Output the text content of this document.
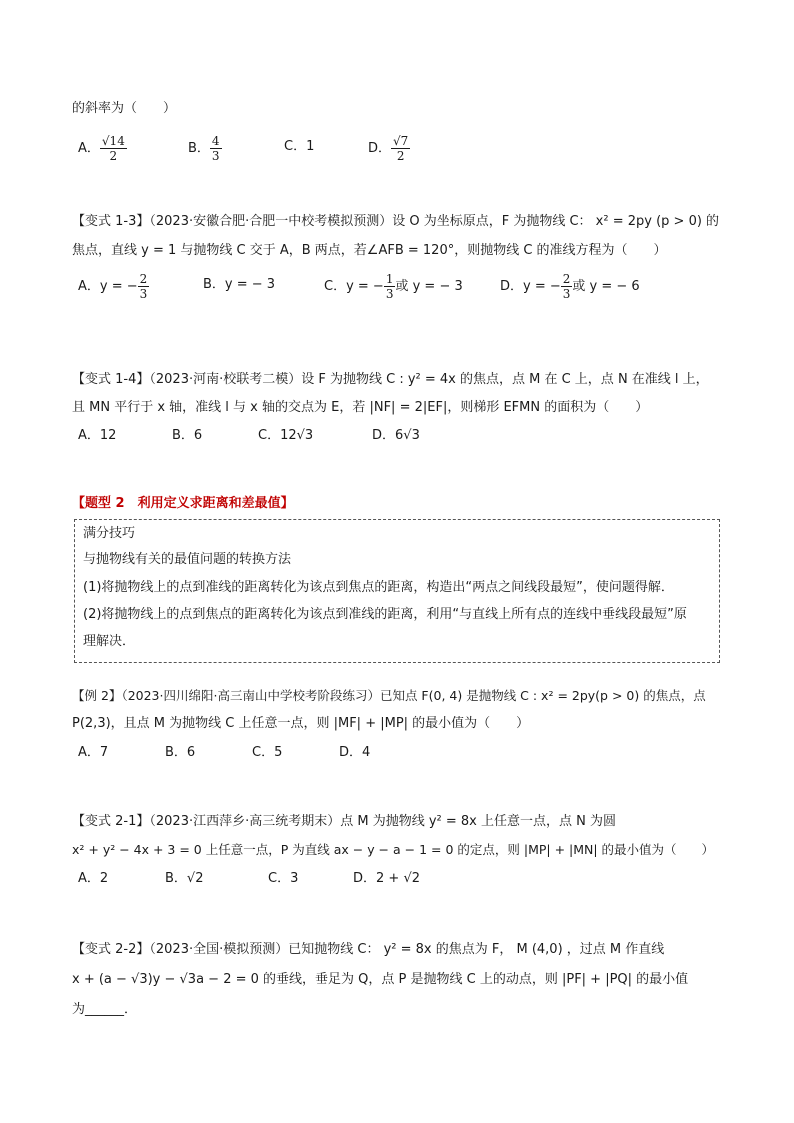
的斜率为（　　）
A． $\frac{√14}{2}$	B． $\frac{4}{3}$	C．1	D． $\frac{√7}{2}$
【变式 1-3】（2023·安徽合肥·合肥一中校考模拟预测）设 O 为坐标原点，F 为抛物线 C： x² = 2py (p > 0) 的
焦点，直线 y = 1 与抛物线 C 交于 A，B 两点，若∠AFB = 120°，则抛物线 C 的准线方程为（　　）
A．y = − $\frac{2}{3}$	B．y = − 3	C．y = − $\frac{1}{3}$ 或 y = − 3	D．y = − $\frac{2}{3}$ 或 y = − 6
【变式 1-4】（2023·河南·校联考二模）设 F 为抛物线 C : y² = 4x 的焦点，点 M 在 C 上，点 N 在准线 l 上，
且 MN 平行于 x 轴，准线 l 与 x 轴的交点为 E，若 |NF| = 2|EF|，则梯形 EFMN 的面积为（　　）
A．12	B．6	C．12√3	D．6√3
【题型 2　利用定义求距离和差最值】
满分技巧
与抛物线有关的最值问题的转换方法
(1)将抛物线上的点到准线的距离转化为该点到焦点的距离，构造出“两点之间线段最短”，使问题得解．
(2)将抛物线上的点到焦点的距离转化为该点到准线的距离，利用“与直线上所有点的连线中垂线段最短”原
理解决．
【例 2】（2023·四川绵阳·高三南山中学校考阶段练习）已知点 F(0, 4) 是抛物线 C : x² = 2py(p > 0) 的焦点，点
P(2,3)，且点 M 为抛物线 C 上任意一点，则 |MF| + |MP| 的最小值为（　　）
A．7	B．6	C．5	D．4
【变式 2-1】（2023·江西萍乡·高三统考期末）点 M 为抛物线 y² = 8x 上任意一点，点 N 为圆
x² + y² − 4x + 3 = 0 上任意一点，P 为直线 ax − y − a − 1 = 0 的定点，则 |MP| + |MN| 的最小值为（　　）
A．2	B．√2	C．3	D．2 + √2
【变式 2-2】（2023·全国·模拟预测）已知抛物线 C： y² = 8x 的焦点为 F， M (4,0) ，过点 M 作直线
x + (a − √3)y − √3a − 2 = 0 的垂线，垂足为 Q，点 P 是抛物线 C 上的动点，则 |PF| + |PQ| 的最小值
为______．
